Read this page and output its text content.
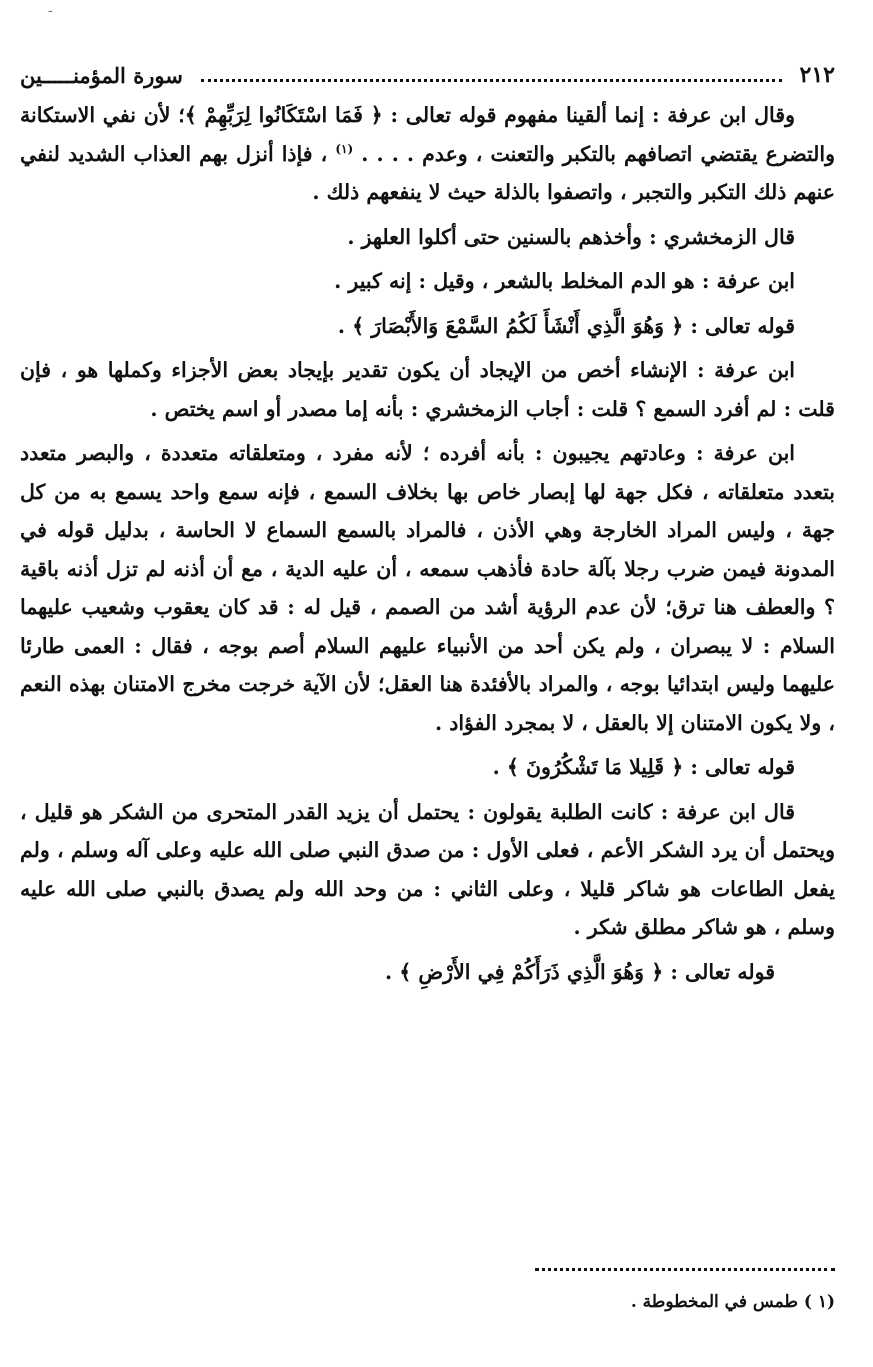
-
٢١٢
سورة المؤمنـــــين

وقال ابن عرفة : إنما ألقينا مفهوم قوله تعالى : ﴿ فَمَا اسْتَكَانُوا لِرَبِّهِمْ ﴾؛ لأن نفي الاستكانة والتضرع يقتضي اتصافهم بالتكبر والتعنت ، وعدم . . . . $^{(١)}$ ، فإذا أنزل بهم العذاب الشديد لنفي عنهم ذلك التكبر والتجبر ، واتصفوا بالذلة حيث لا ينفعهم ذلك .

قال الزمخشري : وأخذهم بالسنين حتى أكلوا العلهز .

ابن عرفة : هو الدم المخلط بالشعر ، وقيل : إنه كبير .

قوله تعالى : ﴿ وَهُوَ الَّذِي أَنْشَأَ لَكُمُ السَّمْعَ وَالأَبْصَارَ ﴾ .

ابن عرفة : الإنشاء أخص من الإيجاد أن يكون تقدير بإيجاد بعض الأجزاء وكملها هو ، فإن قلت : لم أفرد السمع ؟ قلت : أجاب الزمخشري : بأنه إما مصدر أو اسم يختص .

ابن عرفة : وعادتهم يجيبون : بأنه أفرده ؛ لأنه مفرد ، ومتعلقاته متعددة ، والبصر متعدد بتعدد متعلقاته ، فكل جهة لها إبصار خاص بها بخلاف السمع ، فإنه سمع واحد يسمع به من كل جهة ، وليس المراد الخارجة وهي الأذن ، فالمراد بالسمع السماع لا الحاسة ، بدليل قوله في المدونة فيمن ضرب رجلا بآلة حادة فأذهب سمعه ، أن عليه الدية ، مع أن أذنه لم تزل أذنه باقية ؟ والعطف هنا ترق؛ لأن عدم الرؤية أشد من الصمم ، قيل له : قد كان يعقوب وشعيب عليهما السلام : لا يبصران ، ولم يكن أحد من الأنبياء عليهم السلام أصم بوجه ، فقال : العمى طارئا عليهما وليس ابتدائيا بوجه ، والمراد بالأفئدة هنا العقل؛ لأن الآية خرجت مخرج الامتنان بهذه النعم ، ولا يكون الامتنان إلا بالعقل ، لا بمجرد الفؤاد .

قوله تعالى : ﴿ قَلِيلا مَا تَشْكُرُونَ ﴾ .

قال ابن عرفة : كانت الطلبة يقولون : يحتمل أن يزيد القدر المتحرى من الشكر هو قليل ، ويحتمل أن يرد الشكر الأعم ، فعلى الأول : من صدق النبي صلى الله عليه وعلى آله وسلم ، ولم يفعل الطاعات هو شاكر قليلا ، وعلى الثاني : من وحد الله ولم يصدق بالنبي صلى الله عليه وسلم ، هو شاكر مطلق شكر .

قوله تعالى : ﴿ وَهُوَ الَّذِي ذَرَأَكُمْ فِي الأَرْضِ ﴾ .

(١ ) طمس في المخطوطة .
